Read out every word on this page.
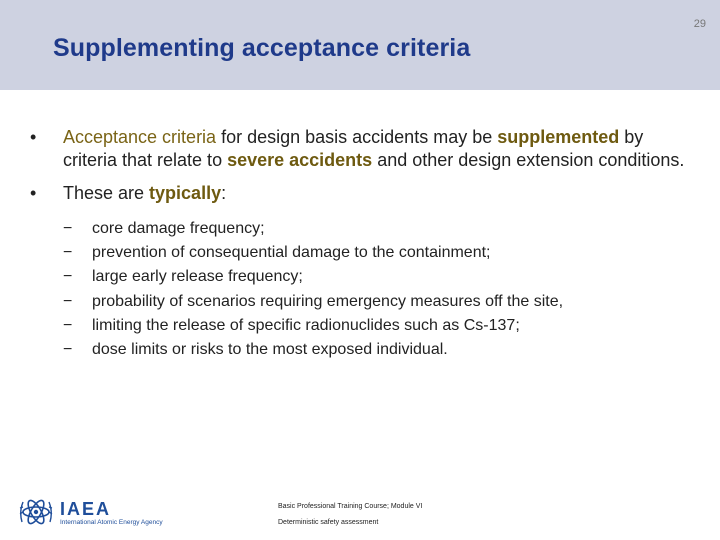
29
Supplementing acceptance criteria
• Acceptance criteria for design basis accidents may be supplemented by criteria that relate to severe accidents and other design extension conditions.
• These are typically:
− core damage frequency;
− prevention of consequential damage to the containment;
− large early release frequency;
− probability of scenarios requiring emergency measures off the site,
− limiting the release of specific radionuclides such as Cs-137;
− dose limits or risks to the most exposed individual.
IAEA
International Atomic Energy Agency
Basic Professional Training Course; Module VI
Deterministic safety assessment
